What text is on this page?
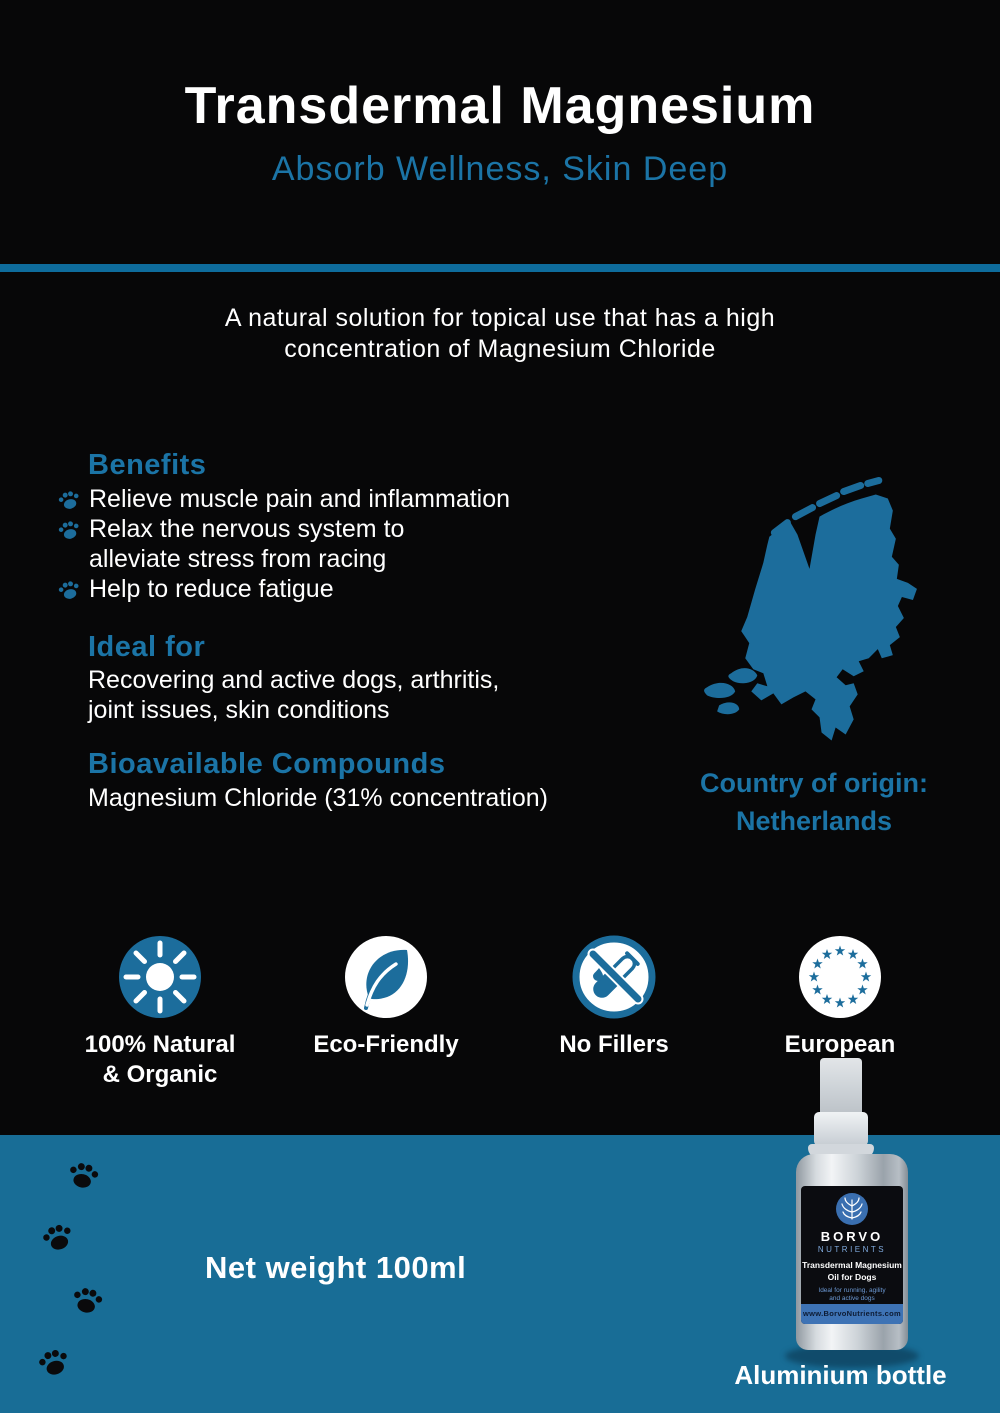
Transdermal Magnesium
Absorb Wellness, Skin Deep
A natural solution for topical use that has a high
concentration of Magnesium Chloride
Benefits
Relieve muscle pain and inflammation
Relax the nervous system to
alleviate stress from racing
Help to reduce fatigue
Ideal for
Recovering and active dogs, arthritis,
joint issues, skin conditions
Bioavailable Compounds
Magnesium Chloride (31% concentration)	Country of origin:
Netherlands
100% Natural
& Organic
Eco-Friendly	No Fillers	European
Net weight 100ml
BORVO
NUTRIENTS
Transdermal Magnesium
Oil for Dogs
Ideal for running, agility
and active dogs
www.BorvoNutrients.com
Aluminium bottle
